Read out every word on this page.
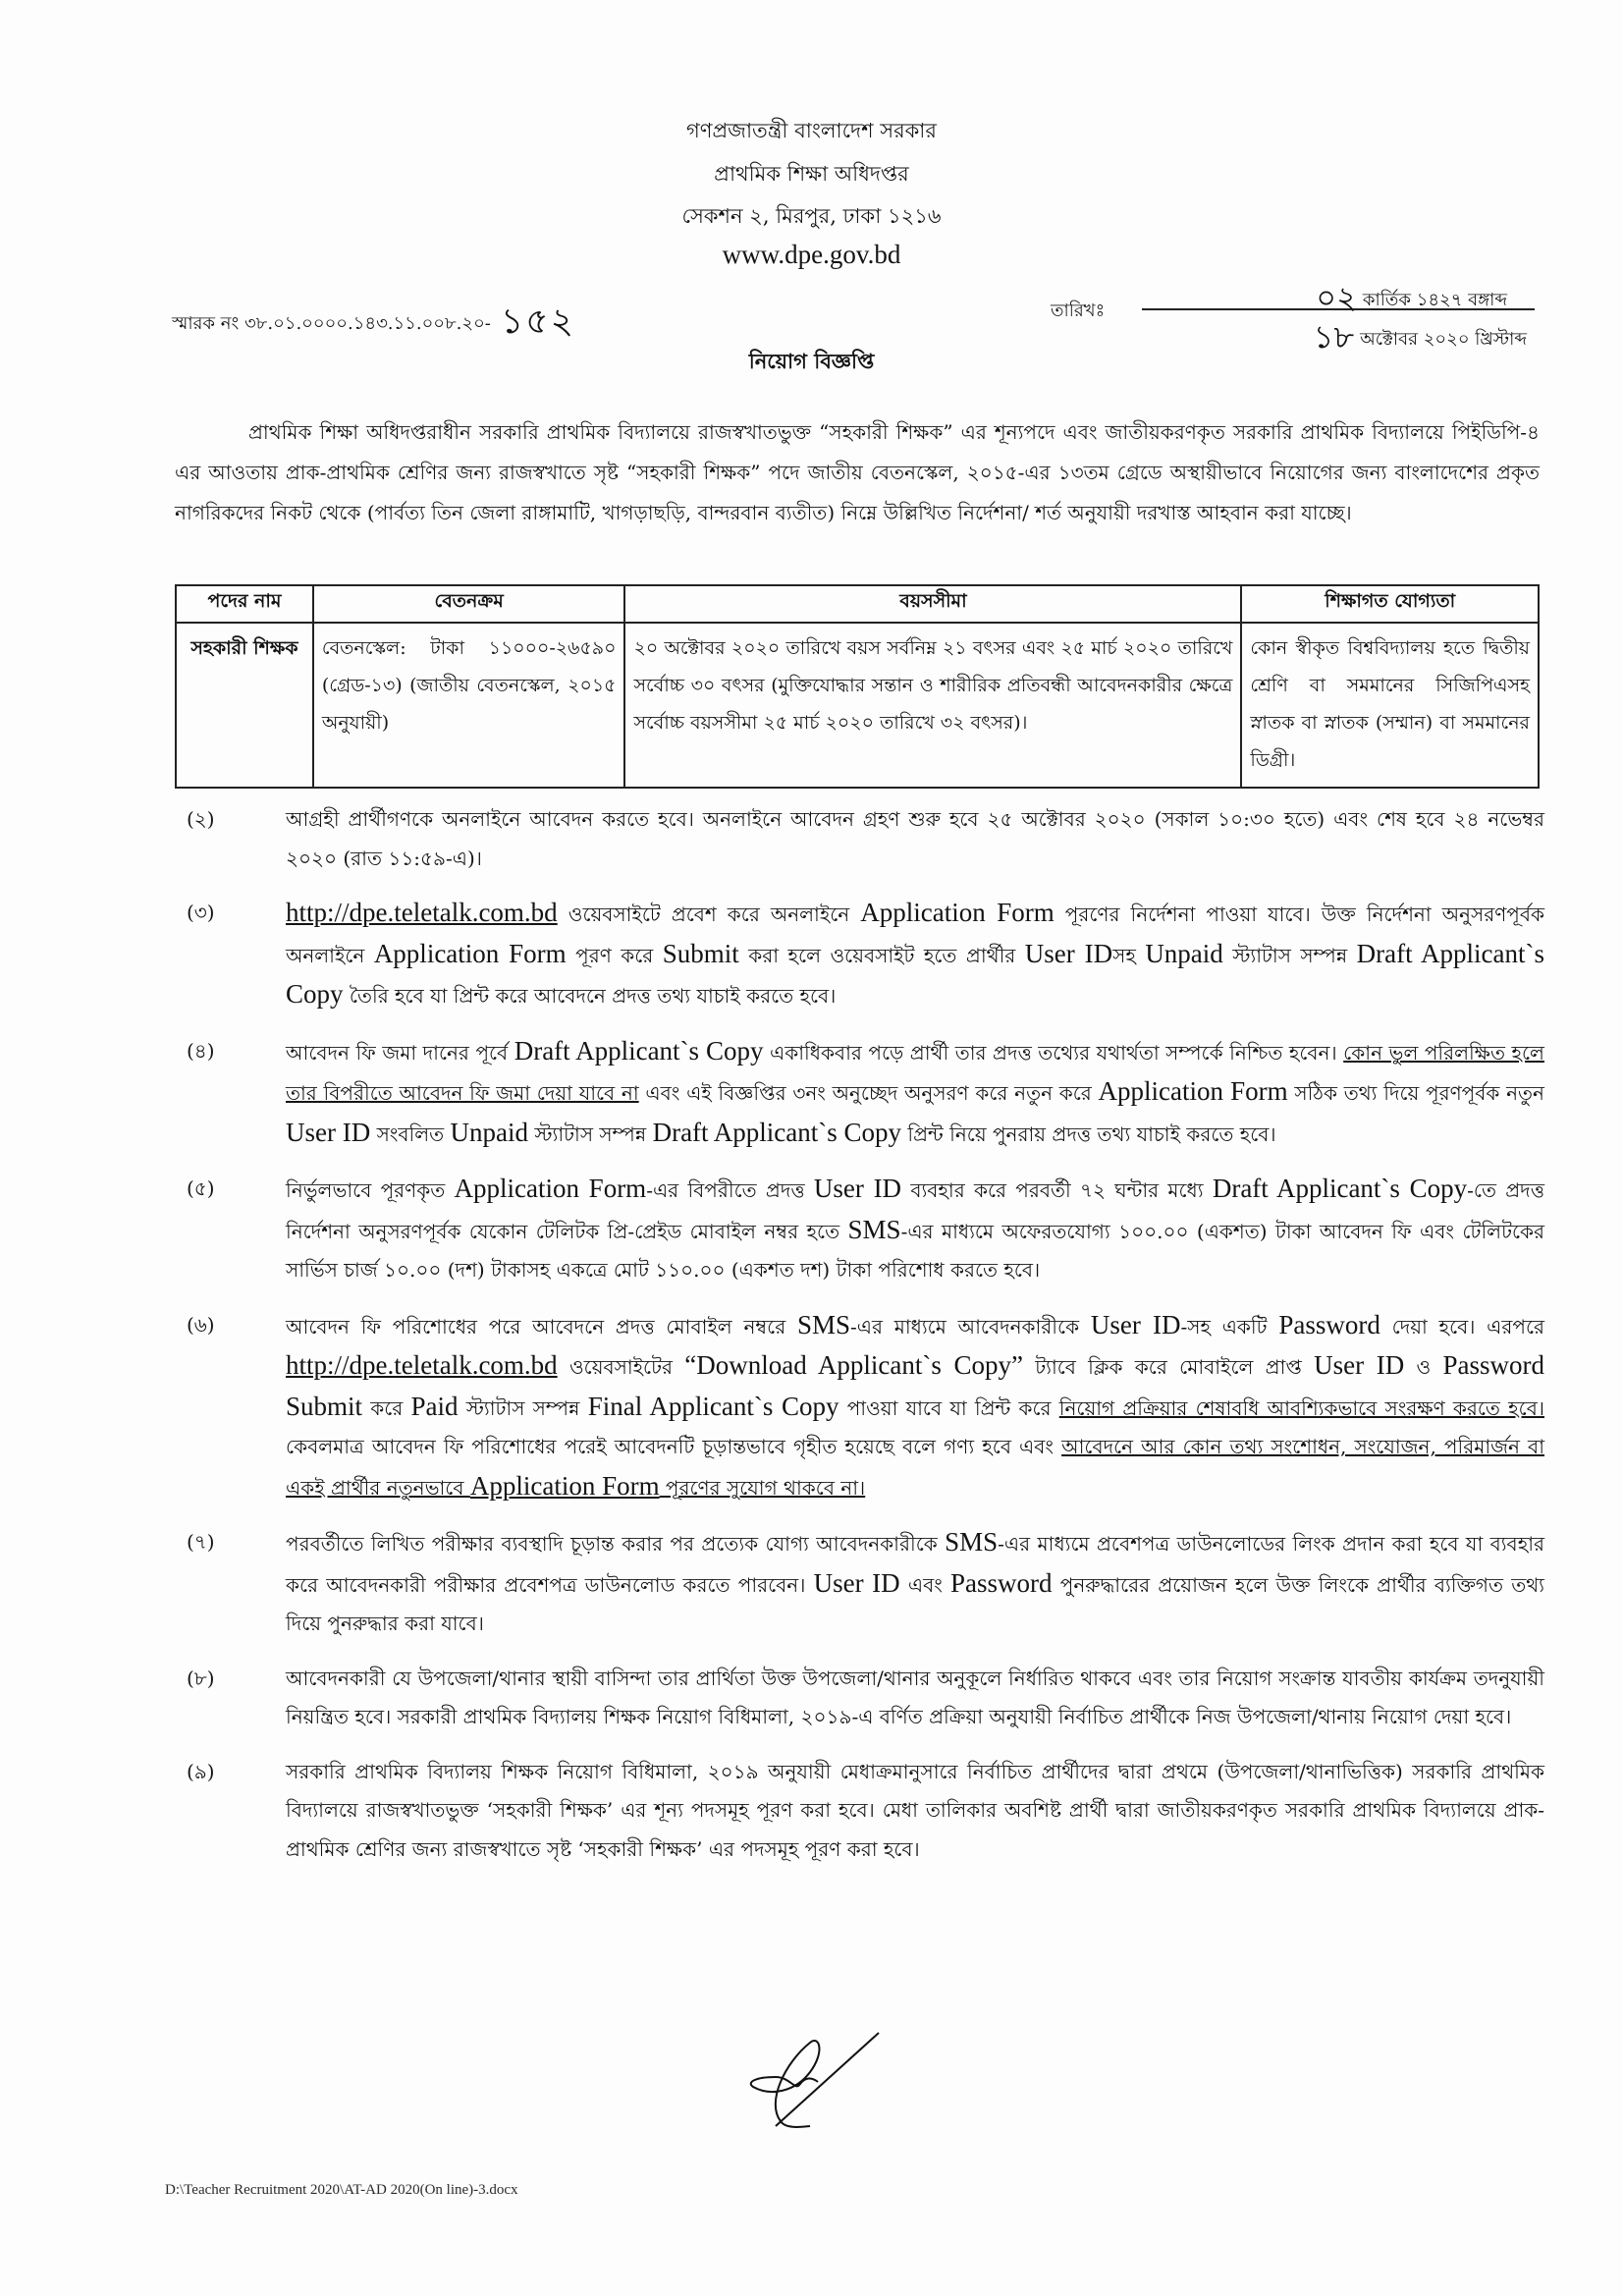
গণপ্রজাতন্ত্রী বাংলাদেশ সরকার
প্রাথমিক শিক্ষা অধিদপ্তর
সেকশন ২, মিরপুর, ঢাকা ১২১৬
www.dpe.gov.bd
স্মারক নং ৩৮.০১.০০০০.১৪৩.১১.০০৮.২০- ১৫২	তারিখঃ	০২ কার্তিক ১৪২৭ বঙ্গাব্দ
১৮ অক্টোবর ২০২০ খ্রিস্টাব্দ
নিয়োগ বিজ্ঞপ্তি
প্রাথমিক শিক্ষা অধিদপ্তরাধীন সরকারি প্রাথমিক বিদ্যালয়ে রাজস্বখাতভুক্ত “সহকারী শিক্ষক” এর শূন্যপদে এবং জাতীয়করণকৃত সরকারি প্রাথমিক বিদ্যালয়ে পিইডিপি-৪ এর আওতায় প্রাক-প্রাথমিক শ্রেণির জন্য রাজস্বখাতে সৃষ্ট “সহকারী শিক্ষক” পদে জাতীয় বেতনস্কেল, ২০১৫-এর ১৩তম গ্রেডে অস্থায়ীভাবে নিয়োগের জন্য বাংলাদেশের প্রকৃত নাগরিকদের নিকট থেকে (পার্বত্য তিন জেলা রাঙ্গামাটি, খাগড়াছড়ি, বান্দরবান ব্যতীত) নিম্নে উল্লিখিত নির্দেশনা/ শর্ত অনুযায়ী দরখাস্ত আহবান করা যাচ্ছে।
পদের নাম	বেতনক্রম	বয়সসীমা	শিক্ষাগত যোগ্যতা
সহকারী শিক্ষক	বেতনস্কেল: টাকা ১১০০০-২৬৫৯০ (গ্রেড-১৩) (জাতীয় বেতনস্কেল, ২০১৫ অনুযায়ী)	২০ অক্টোবর ২০২০ তারিখে বয়স সর্বনিম্ন ২১ বৎসর এবং ২৫ মার্চ ২০২০ তারিখে সর্বোচ্চ ৩০ বৎসর (মুক্তিযোদ্ধার সন্তান ও শারীরিক প্রতিবন্ধী আবেদনকারীর ক্ষেত্রে সর্বোচ্চ বয়সসীমা ২৫ মার্চ ২০২০ তারিখে ৩২ বৎসর)।	কোন স্বীকৃত বিশ্ববিদ্যালয় হতে দ্বিতীয় শ্রেণি বা সমমানের সিজিপিএসহ স্নাতক বা স্নাতক (সম্মান) বা সমমানের ডিগ্রী।
(২)	আগ্রহী প্রার্থীগণকে অনলাইনে আবেদন করতে হবে। অনলাইনে আবেদন গ্রহণ শুরু হবে ২৫ অক্টোবর ২০২০ (সকাল ১০:৩০ হতে) এবং শেষ হবে ২৪ নভেম্বর ২০২০ (রাত ১১:৫৯-এ)।
(৩)	http://dpe.teletalk.com.bd ওয়েবসাইটে প্রবেশ করে অনলাইনে Application Form পূরণের নির্দেশনা পাওয়া যাবে। উক্ত নির্দেশনা অনুসরণপূর্বক অনলাইনে Application Form পূরণ করে Submit করা হলে ওয়েবসাইট হতে প্রার্থীর User IDসহ Unpaid স্ট্যাটাস সম্পন্ন Draft Applicant`s Copy তৈরি হবে যা প্রিন্ট করে আবেদনে প্রদত্ত তথ্য যাচাই করতে হবে।
(৪)	আবেদন ফি জমা দানের পূর্বে Draft Applicant`s Copy একাধিকবার পড়ে প্রার্থী তার প্রদত্ত তথ্যের যথার্থতা সম্পর্কে নিশ্চিত হবেন। কোন ভুল পরিলক্ষিত হলে তার বিপরীতে আবেদন ফি জমা দেয়া যাবে না এবং এই বিজ্ঞপ্তির ৩নং অনুচ্ছেদ অনুসরণ করে নতুন করে Application Form সঠিক তথ্য দিয়ে পূরণপূর্বক নতুন User ID সংবলিত Unpaid স্ট্যাটাস সম্পন্ন Draft Applicant`s Copy প্রিন্ট নিয়ে পুনরায় প্রদত্ত তথ্য যাচাই করতে হবে।
(৫)	নির্ভুলভাবে পূরণকৃত Application Form-এর বিপরীতে প্রদত্ত User ID ব্যবহার করে পরবর্তী ৭২ ঘন্টার মধ্যে Draft Applicant`s Copy-তে প্রদত্ত নির্দেশনা অনুসরণপূর্বক যেকোন টেলিটক প্রি-প্রেইড মোবাইল নম্বর হতে SMS-এর মাধ্যমে অফেরতযোগ্য ১০০.০০ (একশত) টাকা আবেদন ফি এবং টেলিটকের সার্ভিস চার্জ ১০.০০ (দশ) টাকাসহ একত্রে মোট ১১০.০০ (একশত দশ) টাকা পরিশোধ করতে হবে।
(৬)	আবেদন ফি পরিশোধের পরে আবেদনে প্রদত্ত মোবাইল নম্বরে SMS-এর মাধ্যমে আবেদনকারীকে User ID-সহ একটি Password দেয়া হবে। এরপরে http://dpe.teletalk.com.bd ওয়েবসাইটের “Download Applicant`s Copy” ট্যাবে ক্লিক করে মোবাইলে প্রাপ্ত User ID ও Password Submit করে Paid স্ট্যাটাস সম্পন্ন Final Applicant`s Copy পাওয়া যাবে যা প্রিন্ট করে নিয়োগ প্রক্রিয়ার শেষাবধি আবশ্যিকভাবে সংরক্ষণ করতে হবে। কেবলমাত্র আবেদন ফি পরিশোধের পরেই আবেদনটি চূড়ান্তভাবে গৃহীত হয়েছে বলে গণ্য হবে এবং আবেদনে আর কোন তথ্য সংশোধন, সংযোজন, পরিমার্জন বা একই প্রার্থীর নতুনভাবে Application Form পূরণের সুযোগ থাকবে না।
(৭)	পরবর্তীতে লিখিত পরীক্ষার ব্যবস্থাদি চূড়ান্ত করার পর প্রত্যেক যোগ্য আবেদনকারীকে SMS-এর মাধ্যমে প্রবেশপত্র ডাউনলোডের লিংক প্রদান করা হবে যা ব্যবহার করে আবেদনকারী পরীক্ষার প্রবেশপত্র ডাউনলোড করতে পারবেন। User ID এবং Password পুনরুদ্ধারের প্রয়োজন হলে উক্ত লিংকে প্রার্থীর ব্যক্তিগত তথ্য দিয়ে পুনরুদ্ধার করা যাবে।
(৮)	আবেদনকারী যে উপজেলা/থানার স্থায়ী বাসিন্দা তার প্রার্থিতা উক্ত উপজেলা/থানার অনুকূলে নির্ধারিত থাকবে এবং তার নিয়োগ সংক্রান্ত যাবতীয় কার্যক্রম তদনুযায়ী নিয়ন্ত্রিত হবে। সরকারী প্রাথমিক বিদ্যালয় শিক্ষক নিয়োগ বিধিমালা, ২০১৯-এ বর্ণিত প্রক্রিয়া অনুযায়ী নির্বাচিত প্রার্থীকে নিজ উপজেলা/থানায় নিয়োগ দেয়া হবে।
(৯)	সরকারি প্রাথমিক বিদ্যালয় শিক্ষক নিয়োগ বিধিমালা, ২০১৯ অনুযায়ী মেধাক্রমানুসারে নির্বাচিত প্রার্থীদের দ্বারা প্রথমে (উপজেলা/থানাভিত্তিক) সরকারি প্রাথমিক বিদ্যালয়ে রাজস্বখাতভুক্ত ‘সহকারী শিক্ষক’ এর শূন্য পদসমূহ পূরণ করা হবে। মেধা তালিকার অবশিষ্ট প্রার্থী দ্বারা জাতীয়করণকৃত সরকারি প্রাথমিক বিদ্যালয়ে প্রাক-প্রাথমিক শ্রেণির জন্য রাজস্বখাতে সৃষ্ট ‘সহকারী শিক্ষক’ এর পদসমূহ পূরণ করা হবে।
D:\Teacher Recruitment 2020\AT-AD 2020(On line)-3.docx
